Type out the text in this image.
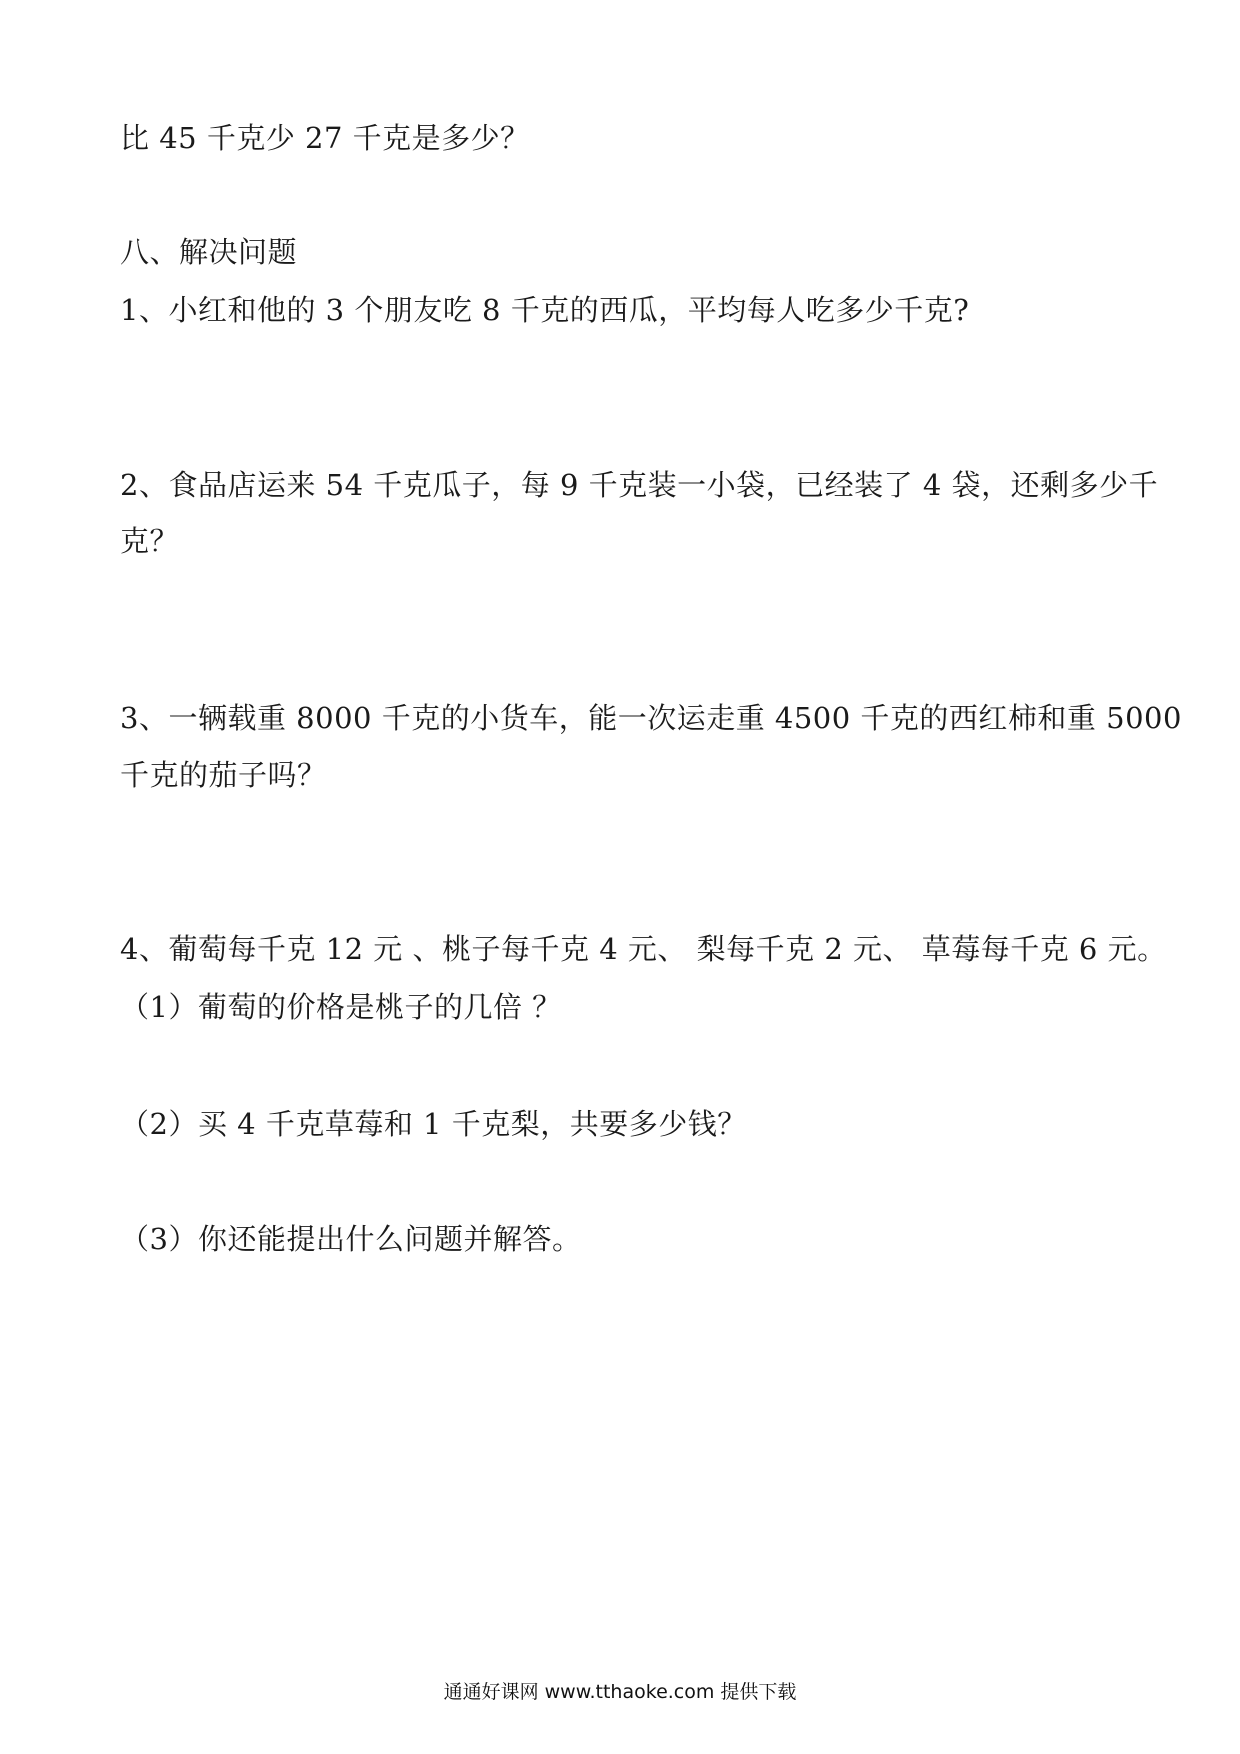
比 45 千克少 27 千克是多少？

八、解决问题

1、小红和他的 3 个朋友吃 8 千克的西瓜，平均每人吃多少千克?

2、食品店运来 54 千克瓜子，每 9 千克装一小袋，已经装了 4 袋，还剩多少千

克？

3、一辆载重 8000 千克的小货车，能一次运走重 4500 千克的西红柿和重 5000

千克的茄子吗？

4、葡萄每千克 12 元 、桃子每千克 4 元、 梨每千克 2 元、 草莓每千克 6 元。

（1）葡萄的价格是桃子的几倍 ？

（2）买 4 千克草莓和 1 千克梨，共要多少钱？

（3）你还能提出什么问题并解答。

通通好课网 www.tthaoke.com 提供下载
